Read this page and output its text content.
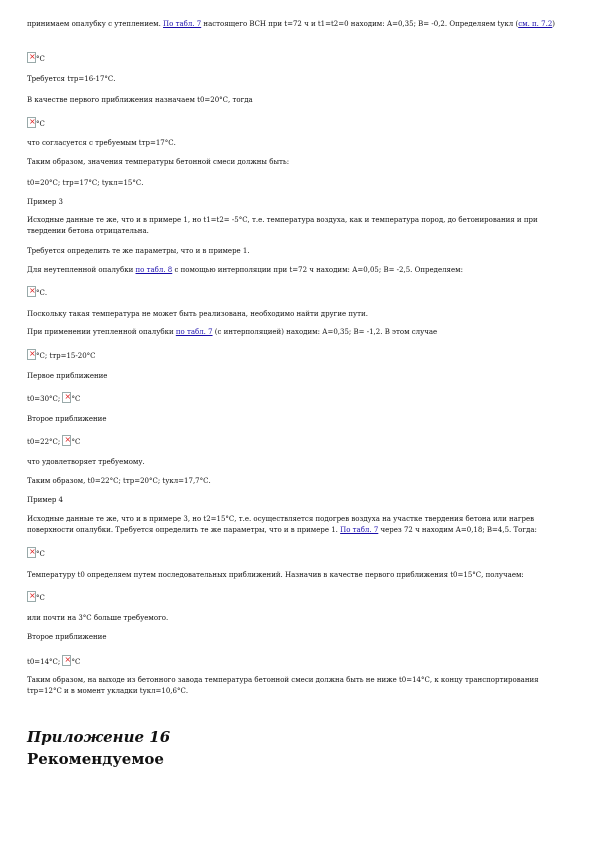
принимаем опалубку с утеплением. По табл. 7 настоящего ВСН при t=72 ч и t1=t2=0 находим: А=0,35; В= -0,2. Определяем tукл (см. п. 7.2)
×°С
Требуется tтр=16-17°С.
В качестве первого приближения назначаем t0=20°С, тогда
×°С
что согласуется с требуемым tтр=17°С.
Таким образом, значения температуры бетонной смеси должны быть:
t0=20°С; tтр=17°С; tукл=15°С.
Пример 3
Исходные данные те же, что и в примере 1, но t1=t2= -5°С, т.е. температура воздуха, как и температура пород, до бетонирования и при твердении бетона отрицательна.
Требуется определить те же параметры, что и в примере 1.
Для неутепленной опалубки по табл. 8 с помощью интерполяции при t=72 ч находим: А=0,05; В= -2,5. Определяем:
×°С.
Поскольку такая температура не может быть реализована, необходимо найти другие пути.
При применении утепленной опалубки по табл. 7 (с интерполяцией) находим: А=0,35; В= -1,2. В этом случае
×°С; tтр=15-20°С
Первое приближение
t0=30°С; ×°С
Второе приближение
t0=22°С; ×°С
что удовлетворяет требуемому.
Таким образом, t0=22°С; tтр=20°С; tукл=17,7°С.
Пример 4
Исходные данные те же, что и в примере 3, но t2=15°С, т.е. осуществляется подогрев воздуха на участке твердения бетона или нагрев поверхности опалубки. Требуется определить те же параметры, что и в примере 1. По табл. 7 через 72 ч находим А=0,18; В=4,5. Тогда:
×°С
Температуру t0 определяем путем последовательных приближений. Назначив в качестве первого приближения t0=15°С, получаем:
×°С
или почти на 3°С больше требуемого.
Второе приближение
t0=14°С; ×°С
Таким образом, на выходе из бетонного завода температура бетонной смеси должна быть не ниже t0=14°С, к концу транспортирования tтр=12°С и в момент укладки tукл=10,6°С.
Приложение 16
Рекомендуемое
